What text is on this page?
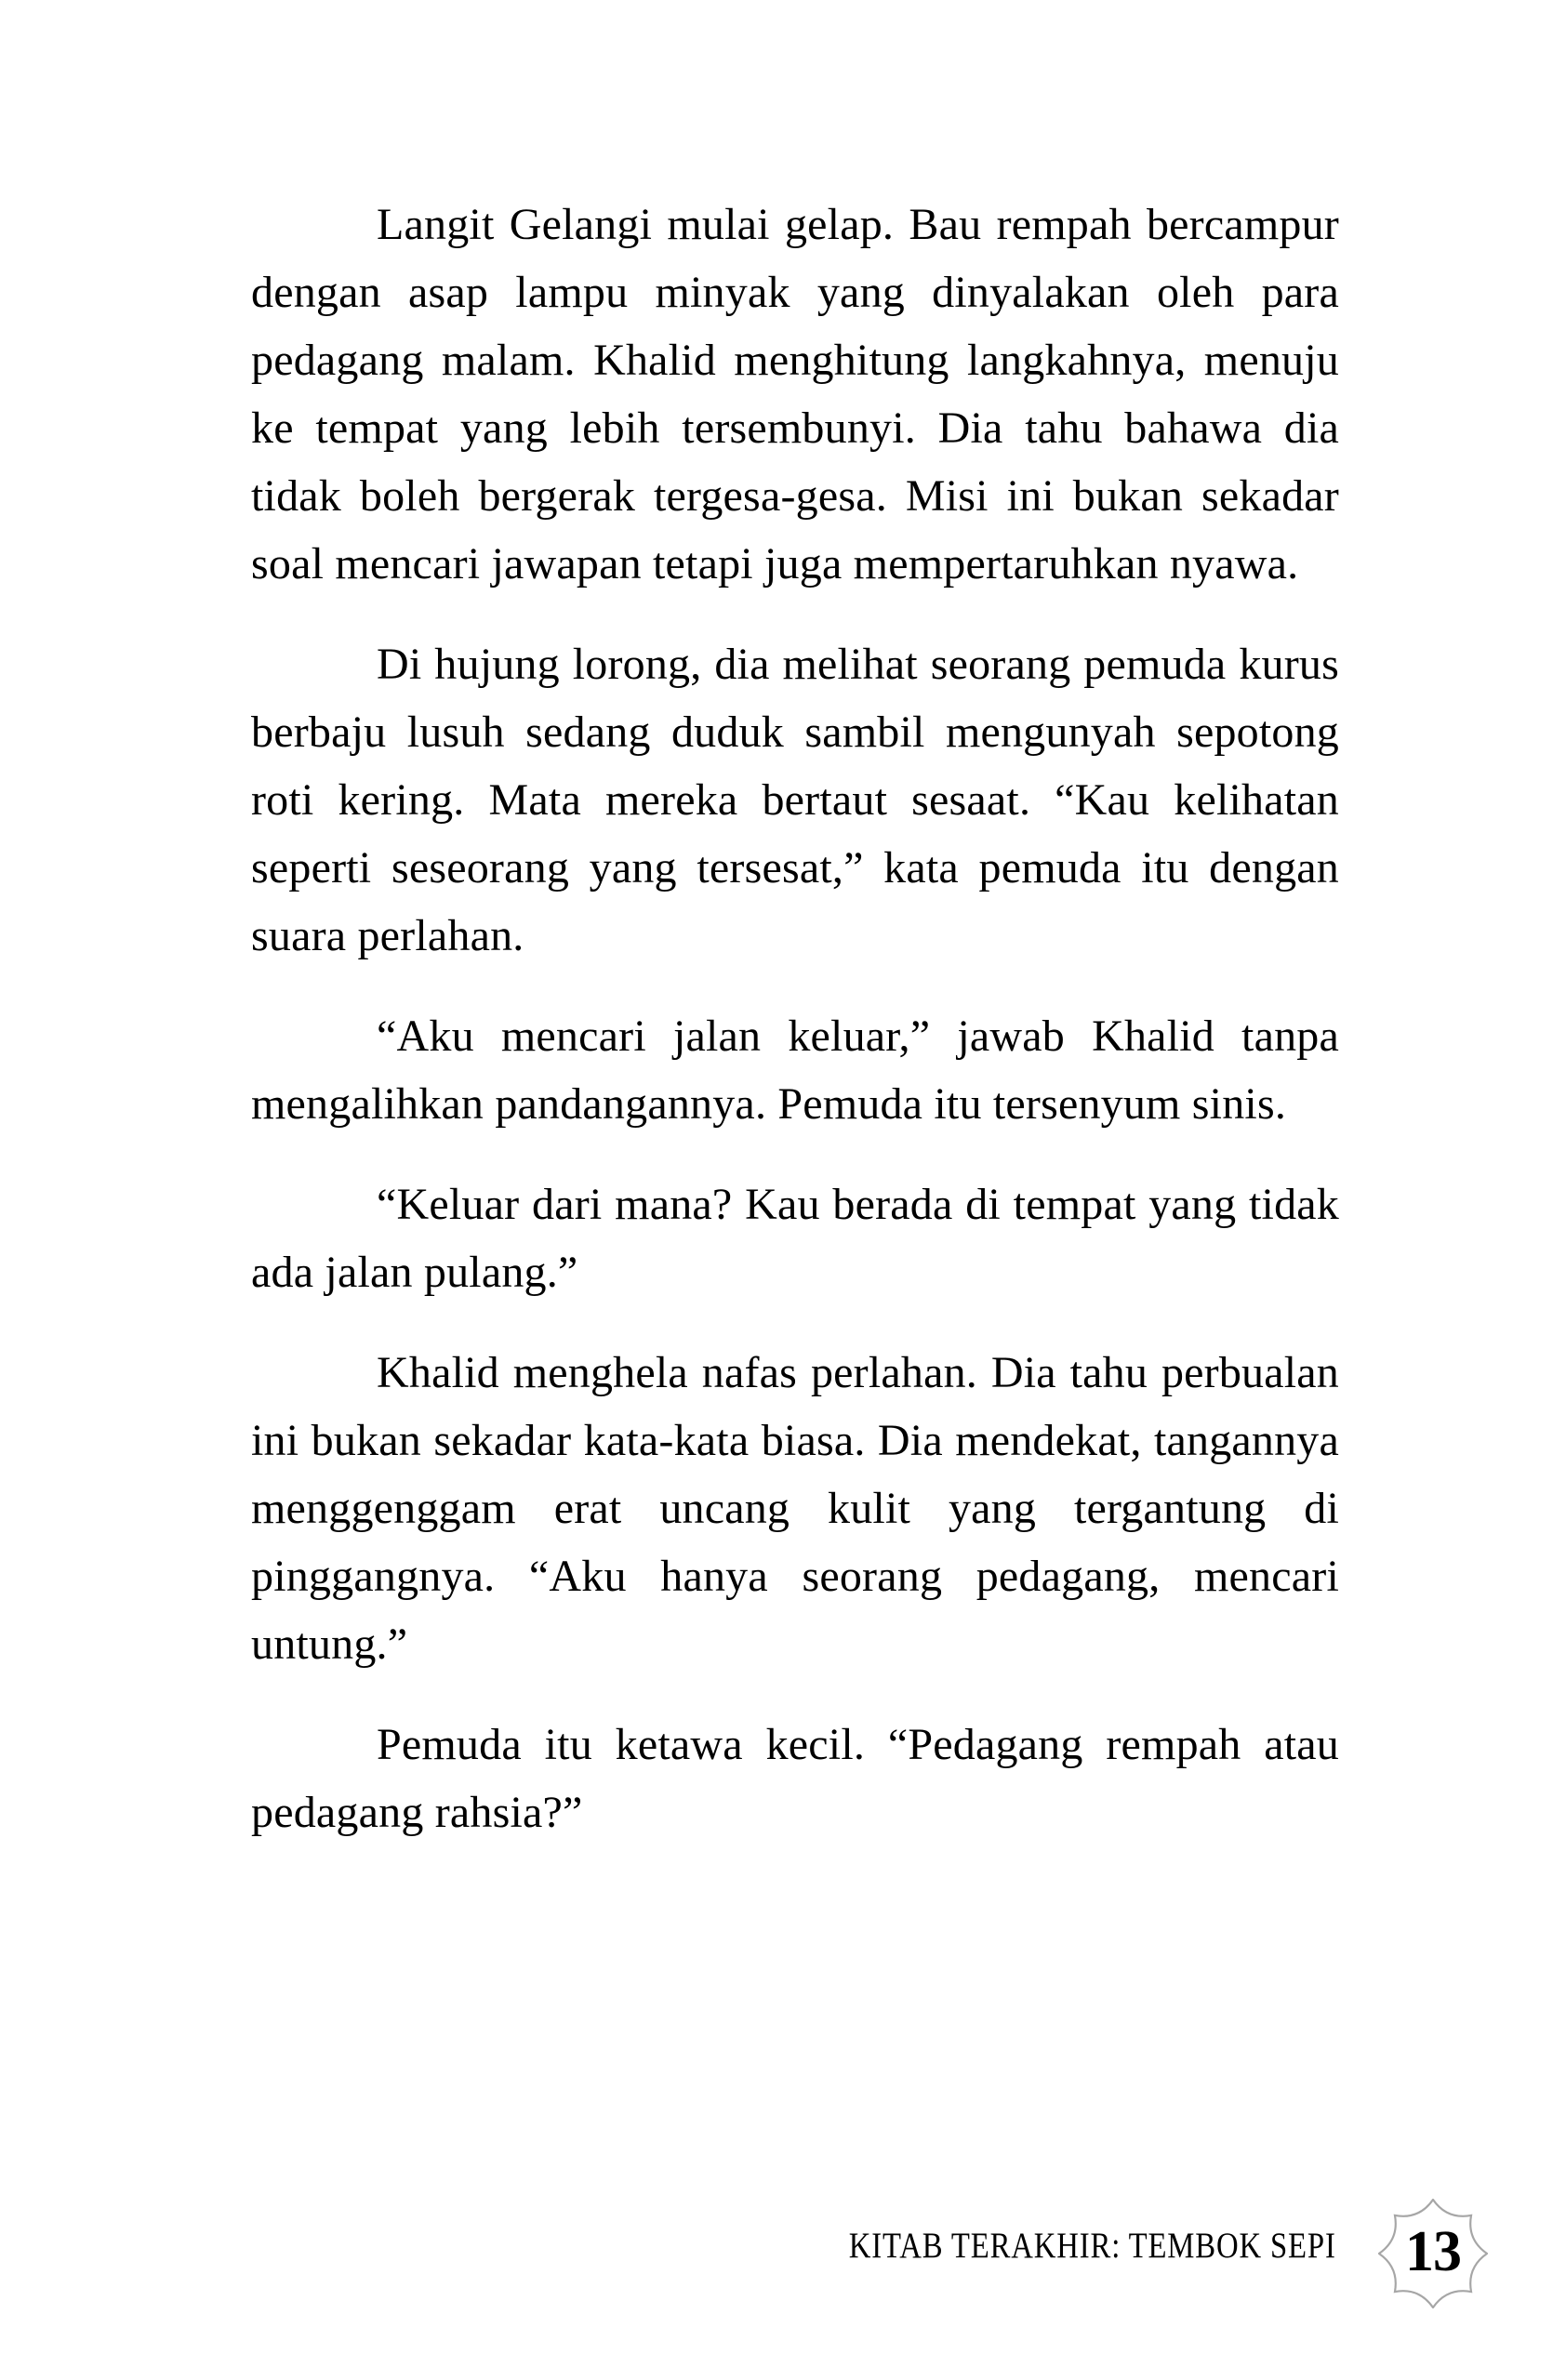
Langit Gelangi mulai gelap. Bau rempah bercampur dengan asap lampu minyak yang dinyalakan oleh para pedagang malam. Khalid menghitung langkahnya, menuju ke tempat yang lebih tersembunyi. Dia tahu bahawa dia tidak boleh bergerak tergesa-gesa. Misi ini bukan sekadar soal mencari jawapan tetapi juga mempertaruhkan nyawa.

Di hujung lorong, dia melihat seorang pemuda kurus berbaju lusuh sedang duduk sambil mengunyah sepotong roti kering. Mata mereka bertaut sesaat. “Kau kelihatan seperti seseorang yang tersesat,” kata pemuda itu dengan suara perlahan.

“Aku mencari jalan keluar,” jawab Khalid tanpa mengalihkan pandangannya. Pemuda itu tersenyum sinis.

“Keluar dari mana? Kau berada di tempat yang tidak ada jalan pulang.”

Khalid menghela nafas perlahan. Dia tahu perbualan ini bukan sekadar kata-kata biasa. Dia mendekat, tangannya menggenggam erat uncang kulit yang tergantung di pinggangnya. “Aku hanya seorang pedagang, mencari untung.”

Pemuda itu ketawa kecil. “Pedagang rempah atau pedagang rahsia?”

KITAB TERAKHIR: TEMBOK SEPI	13
